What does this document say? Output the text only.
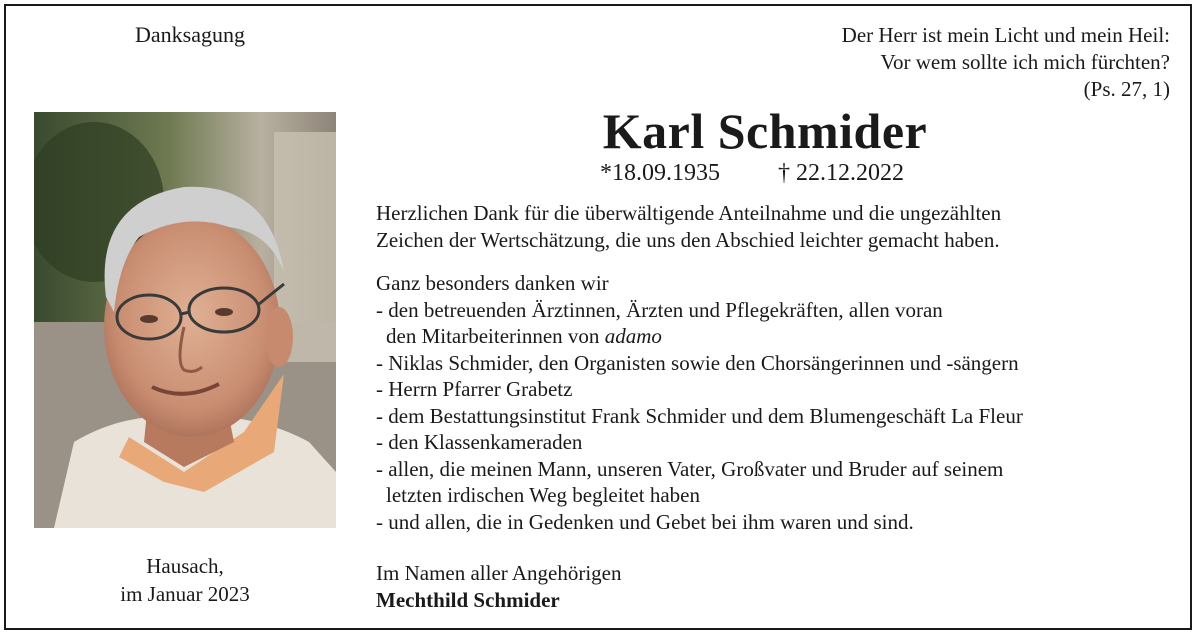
Danksagung	Der Herr ist mein Licht und mein Heil:
Vor wem sollte ich mich fürchten?
(Ps. 27, 1)
Hausach,
im Januar 2023
Karl Schmider
*18.09.1935 † 22.12.2022

Herzlichen Dank für die überwältigende Anteilnahme und die ungezählten

Zeichen der Wertschätzung, die uns den Abschied leichter gemacht haben.

Ganz besonders danken wir

- den betreuenden Ärztinnen, Ärzten und Pflegekräften, allen voran

den Mitarbeiterinnen von adamo

- Niklas Schmider, den Organisten sowie den Chorsängerinnen und -sängern

- Herrn Pfarrer Grabetz

- dem Bestattungsinstitut Frank Schmider und dem Blumengeschäft La Fleur

- den Klassenkameraden

- allen, die meinen Mann, unseren Vater, Großvater und Bruder auf seinem

letzten irdischen Weg begleitet haben

- und allen, die in Gedenken und Gebet bei ihm waren und sind.

Im Namen aller Angehörigen
Mechthild Schmider
